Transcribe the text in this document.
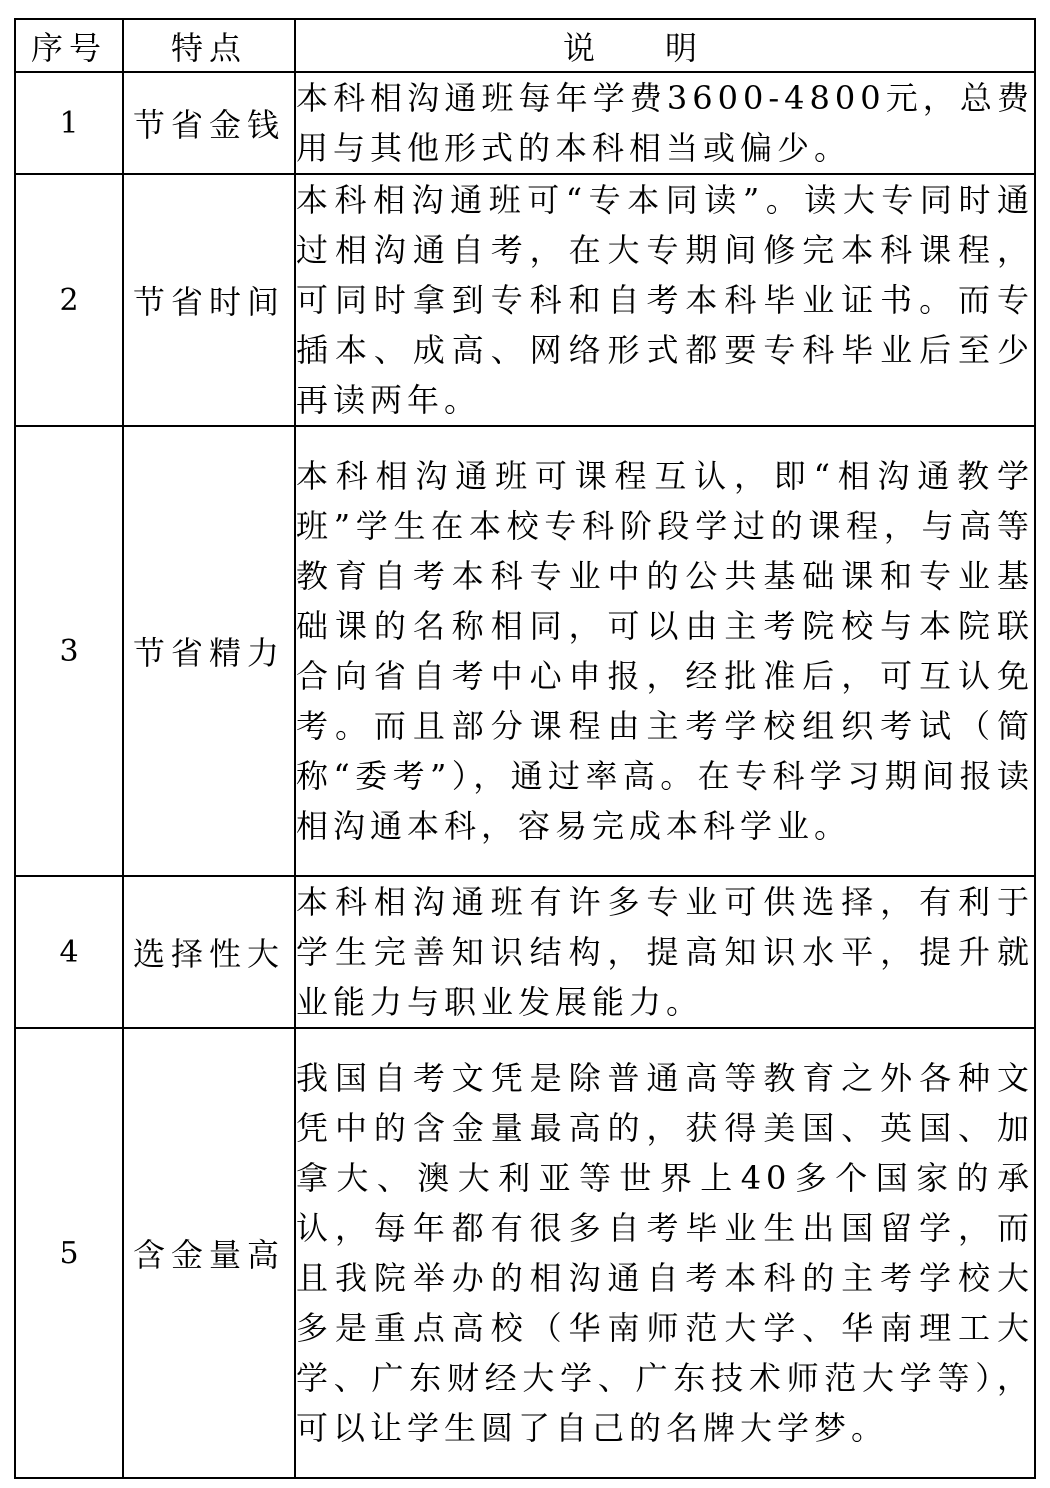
序号	特点	说明
1	节省金钱	本科相沟通班每年学费3600-4800元，总费用与其他形式的本科相当或偏少。
2	节省时间	本科相沟通班可“专本同读”。读大专同时通过相沟通自考，在大专期间修完本科课程，可同时拿到专科和自考本科毕业证书。而专插本、成高、网络形式都要专科毕业后至少再读两年。
3	节省精力	本科相沟通班可课程互认，即“相沟通教学班”学生在本校专科阶段学过的课程，与高等教育自考本科专业中的公共基础课和专业基础课的名称相同，可以由主考院校与本院联合向省自考中心申报，经批准后，可互认免考。而且部分课程由主考学校组织考试（简称“委考”），通过率高。在专科学习期间报读相沟通本科，容易完成本科学业。
4	选择性大	本科相沟通班有许多专业可供选择，有利于学生完善知识结构，提高知识水平，提升就业能力与职业发展能力。
5	含金量高	我国自考文凭是除普通高等教育之外各种文凭中的含金量最高的，获得美国、英国、加拿大、澳大利亚等世界上40多个国家的承认，每年都有很多自考毕业生出国留学，而且我院举办的相沟通自考本科的主考学校大多是重点高校（华南师范大学、华南理工大学、广东财经大学、广东技术师范大学等），可以让学生圆了自己的名牌大学梦。
